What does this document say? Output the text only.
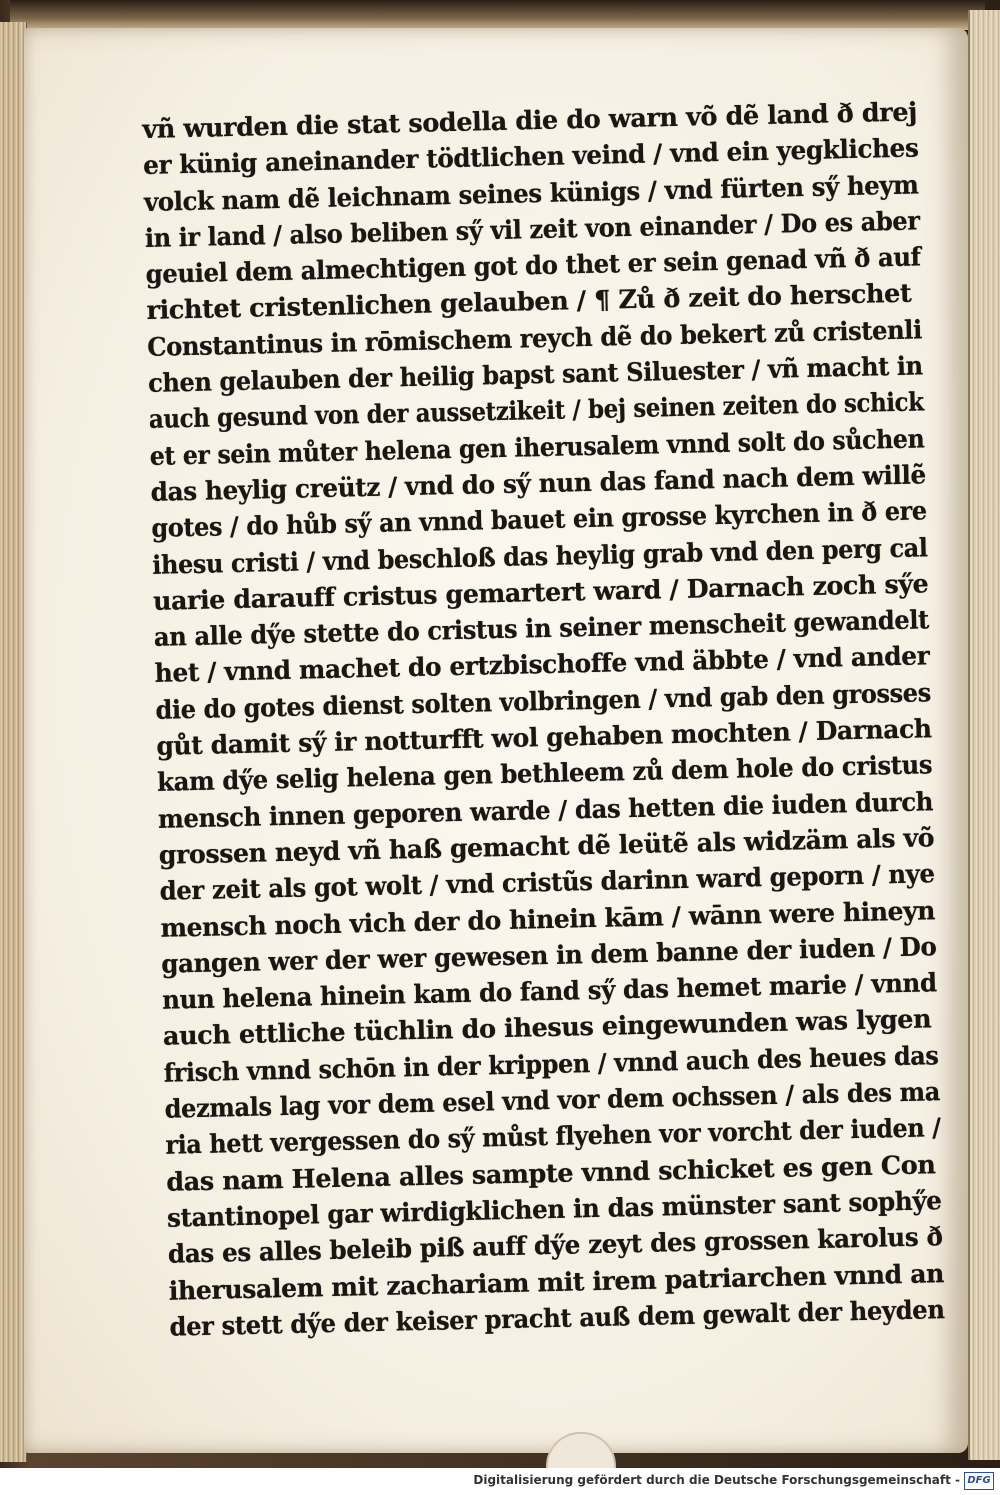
vñ wurden die stat sodella die do warn võ dẽ land ð drej
er künig aneinander tödtlichen veind / vnd ein yegkliches
volck nam dẽ leichnam seines künigs / vnd fürten sy̋ heym
in ir land / also beliben sy̋ vil zeit von einander / Do es aber
geuiel dem almechtigen got do thet er sein genad vñ ð auf
richtet cristenlichen gelauben / ¶ Zů ð zeit do herschet
Constantinus in rōmischem reych dẽ do bekert zů cristenli
chen gelauben der heilig bapst sant Siluester / vñ macht in
auch gesund von der aussetzikeit / bej seinen zeiten do schick
et er sein můter helena gen iherusalem vnnd solt do sůchen
das heylig creütz / vnd do sy̋ nun das fand nach dem willẽ
gotes / do hůb sy̋ an vnnd bauet ein grosse kyrchen in ð ere
ihesu cristi / vnd beschloß das heylig grab vnd den perg cal
uarie darauff cristus gemartert ward / Darnach zoch sy̋e
an alle dy̋e stette do cristus in seiner menscheit gewandelt
het / vnnd machet do ertzbischoffe vnd äbbte / vnd ander
die do gotes dienst solten volbringen / vnd gab den grosses
gůt damit sy̋ ir notturfft wol gehaben mochten / Darnach
kam dy̋e selig helena gen bethleem zů dem hole do cristus
mensch innen geporen warde / das hetten die iuden durch
grossen neyd vñ haß gemacht dẽ leütẽ als widzäm als võ
der zeit als got wolt / vnd cristũs darinn ward geporn / nye
mensch noch vich der do hinein kām / wānn were hineyn
gangen wer der wer gewesen in dem banne der iuden / Do
nun helena hinein kam do fand sy̋ das hemet marie / vnnd
auch ettliche tüchlin do ihesus eingewunden was lygen
frisch vnnd schōn in der krippen / vnnd auch des heues das
dezmals lag vor dem esel vnd vor dem ochssen / als des ma
ria hett vergessen do sy̋ můst flyehen vor vorcht der iuden /
das nam Helena alles sampte vnnd schicket es gen Con
stantinopel gar wirdigklichen in das münster sant sophy̋e
das es alles beleib piß auff dy̋e zeyt des grossen karolus ð
iherusalem mit zachariam mit irem patriarchen vnnd an
der stett dy̋e der keiser pracht auß dem gewalt der heyden
Digitalisierung gefördert durch die Deutsche Forschungsgemeinschaft - DFG
